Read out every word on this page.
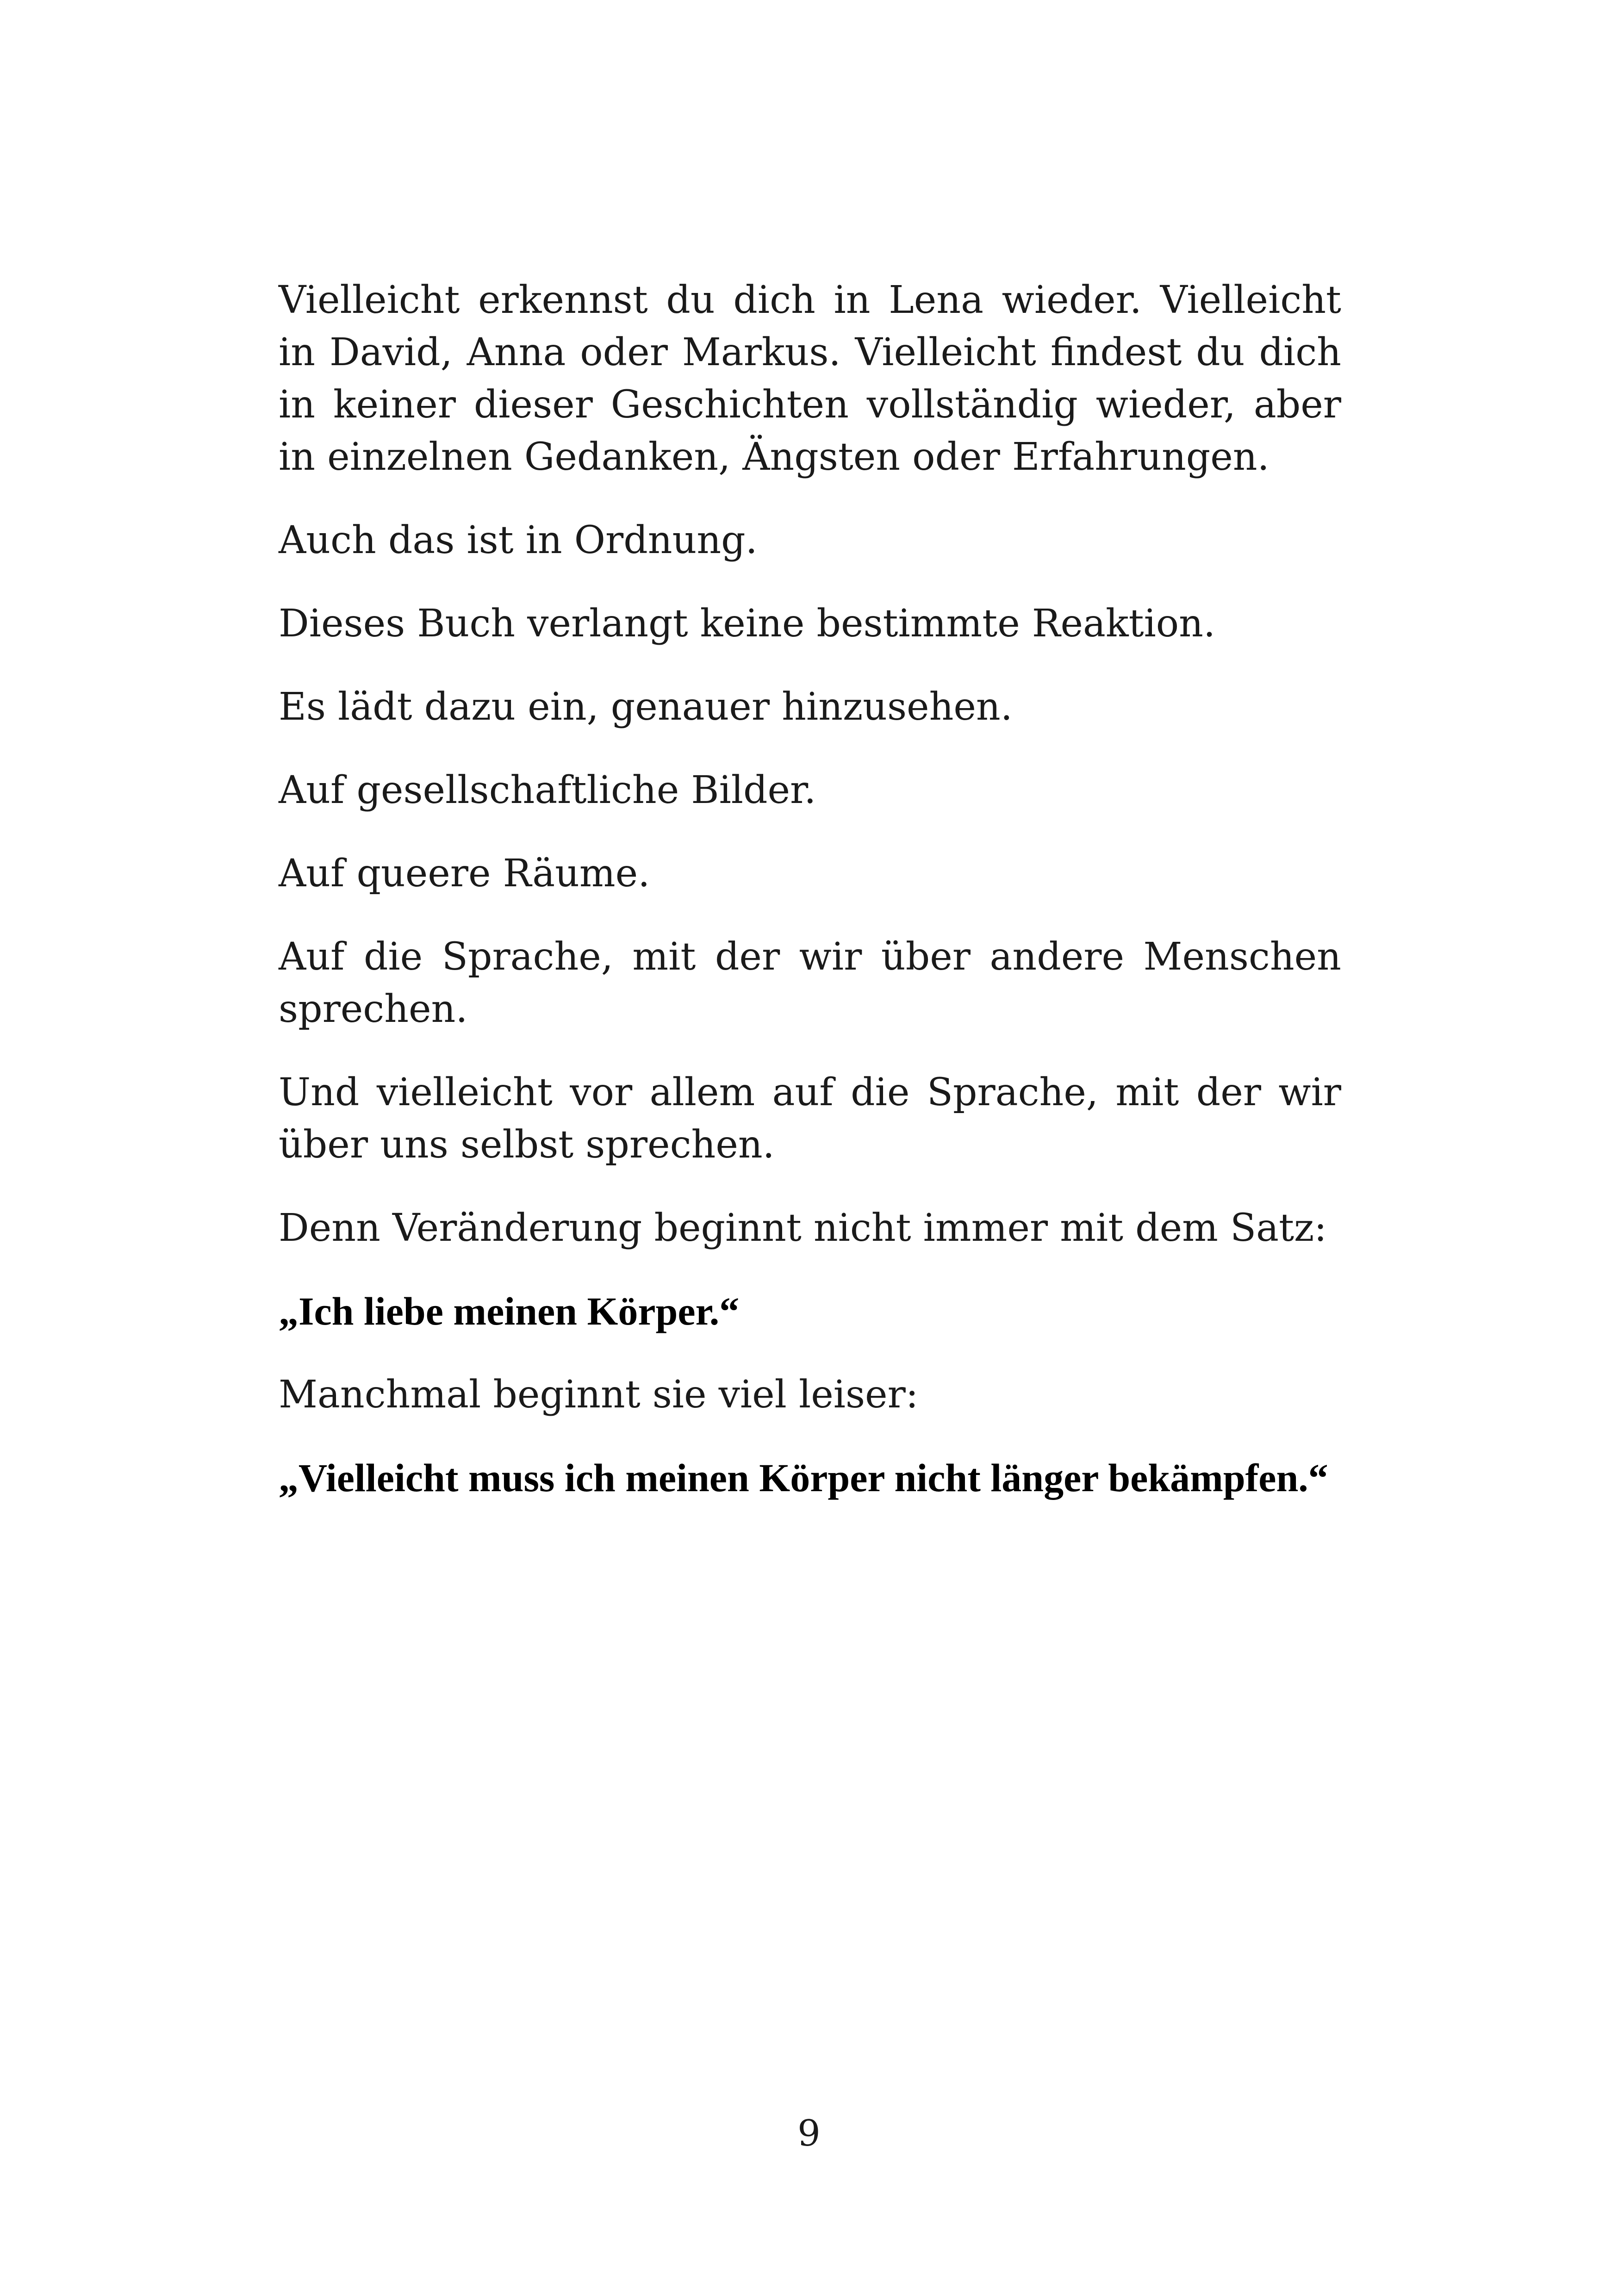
Vielleicht erkennst du dich in Lena wieder. Vielleicht in David, Anna oder Markus. Vielleicht findest du dich in keiner dieser Geschichten vollständig wieder, aber in einzelnen Gedanken, Ängsten oder Erfahrungen.

Auch das ist in Ordnung.

Dieses Buch verlangt keine bestimmte Reaktion.

Es lädt dazu ein, genauer hinzusehen.

Auf gesellschaftliche Bilder.

Auf queere Räume.

Auf die Sprache, mit der wir über andere Menschen sprechen.

Und vielleicht vor allem auf die Sprache, mit der wir über uns selbst sprechen.

Denn Veränderung beginnt nicht immer mit dem Satz:

„Ich liebe meinen Körper.“

Manchmal beginnt sie viel leiser:

„Vielleicht muss ich meinen Körper nicht länger bekämpfen.“

9
